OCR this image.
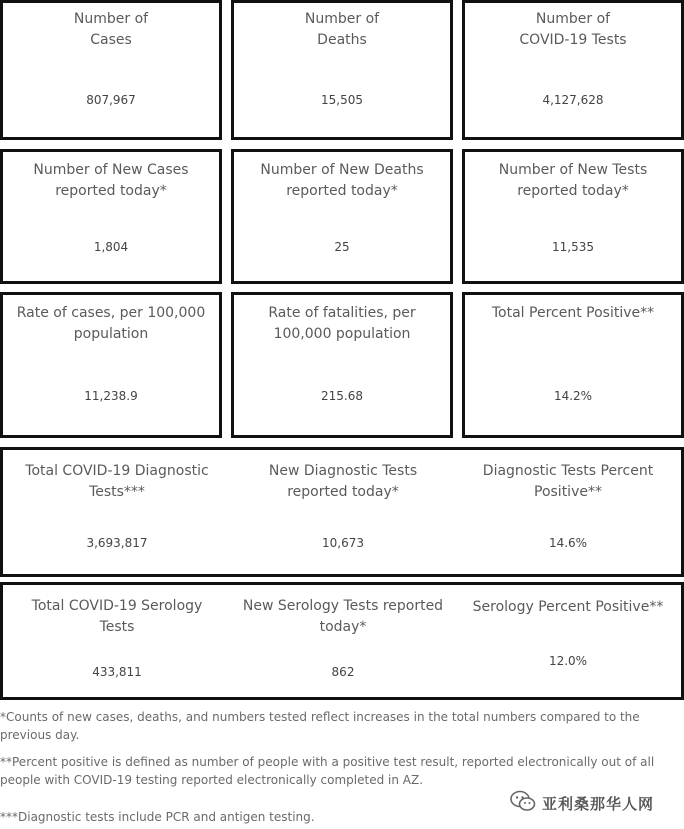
Number of
Cases
807,967
Number of
Deaths
15,505
Number of
COVID-19 Tests
4,127,628
Number of New Cases
reported today*
1,804
Number of New Deaths
reported today*
25
Number of New Tests
reported today*
11,535
Rate of cases, per 100,000
population
11,238.9
Rate of fatalities, per
100,000 population
215.68
Total Percent Positive**
14.2%
Total COVID-19 Diagnostic
Tests***
3,693,817
New Diagnostic Tests
reported today*
10,673
Diagnostic Tests Percent
Positive**
14.6%
Total COVID-19 Serology
Tests
433,811
New Serology Tests reported
today*
862
Serology Percent Positive**
12.0%
*Counts of new cases, deaths, and numbers tested reflect increases in the total numbers compared to the previous day.
**Percent positive is defined as number of people with a positive test result, reported electronically out of all people with COVID-19 testing reported electronically completed in AZ.
***Diagnostic tests include PCR and antigen testing.
亚利桑那华人网
